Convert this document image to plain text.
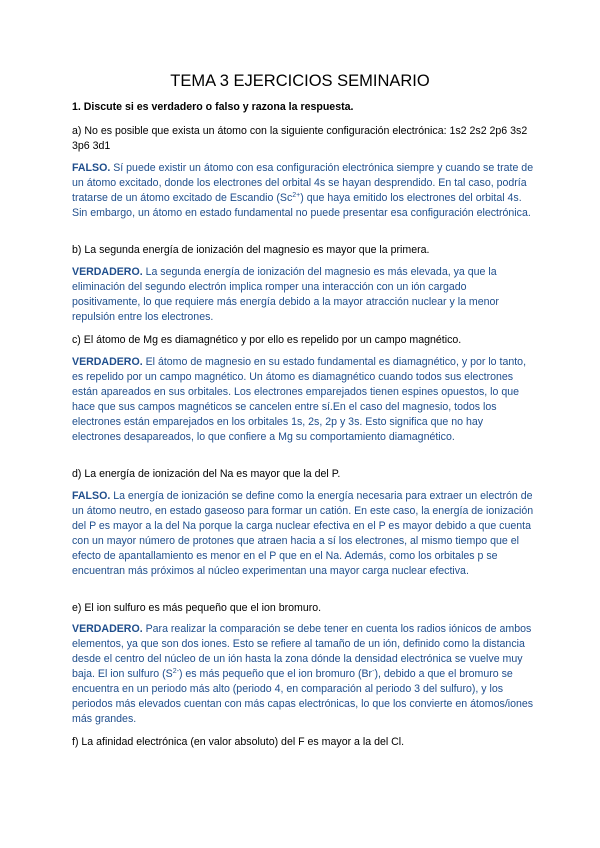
TEMA 3 EJERCICIOS SEMINARIO
1. Discute si es verdadero o falso y razona la respuesta.
a) No es posible que exista un átomo con la siguiente configuración electrónica: 1s2 2s2 2p6 3s2 3p6 3d1
FALSO. Sí puede existir un átomo con esa configuración electrónica siempre y cuando se trate de un átomo excitado, donde los electrones del orbital 4s se hayan desprendido. En tal caso, podría tratarse de un átomo excitado de Escandio $(Sc^{2+})$ que haya emitido los electrones del orbital 4s. Sin embargo, un átomo en estado fundamental no puede presentar esa configuración electrónica.
b) La segunda energía de ionización del magnesio es mayor que la primera.
VERDADERO. La segunda energía de ionización del magnesio es más elevada, ya que la eliminación del segundo electrón implica romper una interacción con un ión cargado positivamente, lo que requiere más energía debido a la mayor atracción nuclear y la menor repulsión entre los electrones.
c) El átomo de Mg es diamagnético y por ello es repelido por un campo magnético.
VERDADERO. El átomo de magnesio en su estado fundamental es diamagnético, y por lo tanto, es repelido por un campo magnético. Un átomo es diamagnético cuando todos sus electrones están apareados en sus orbitales. Los electrones emparejados tienen espines opuestos, lo que hace que sus campos magnéticos se cancelen entre sí.En el caso del magnesio, todos los electrones están emparejados en los orbitales 1s, 2s, 2p y 3s. Esto significa que no hay electrones desapareados, lo que confiere a Mg su comportamiento diamagnético.
d) La energía de ionización del Na es mayor que la del P.
FALSO. La energía de ionización se define como la energía necesaria para extraer un electrón de un átomo neutro, en estado gaseoso para formar un catión. En este caso, la energía de ionización del P es mayor a la del Na porque la carga nuclear efectiva en el P es mayor debido a que cuenta con un mayor número de protones que atraen hacia a sí los electrones, al mismo tiempo que el efecto de apantallamiento es menor en el P que en el Na. Además, como los orbitales p se encuentran más próximos al núcleo experimentan una mayor carga nuclear efectiva.
e) El ion sulfuro es más pequeño que el ion bromuro.
VERDADERO. Para realizar la comparación se debe tener en cuenta los radios iónicos de ambos elementos, ya que son dos iones. Esto se refiere al tamaño de un ión, definido como la distancia desde el centro del núcleo de un ión hasta la zona dónde la densidad electrónica se vuelve muy baja. El ion sulfuro $(S^{2-})$ es más pequeño que el ion bromuro (Br-), debido a que el bromuro se encuentra en un periodo más alto (periodo 4, en comparación al periodo 3 del sulfuro), y los periodos más elevados cuentan con más capas electrónicas, lo que los convierte en átomos/iones más grandes.
f) La afinidad electrónica (en valor absoluto) del F es mayor a la del Cl.
